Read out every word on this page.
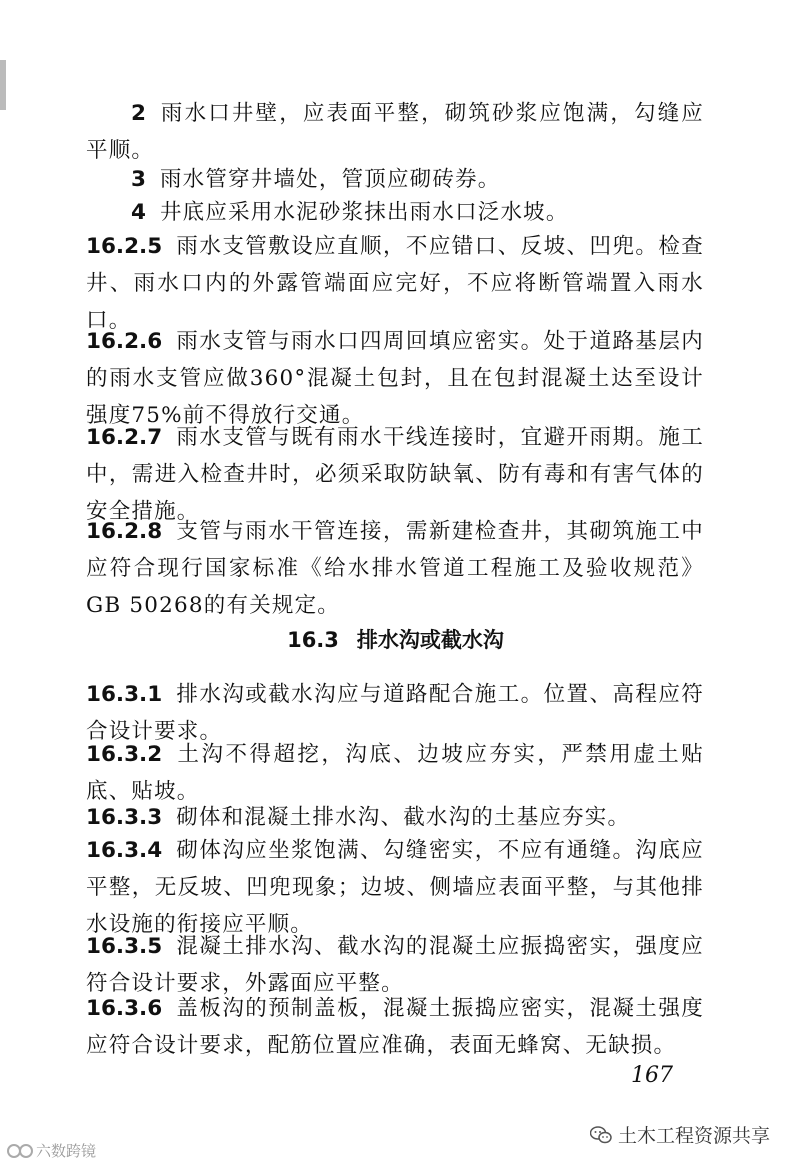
2 雨水口井壁，应表面平整，砌筑砂浆应饱满，勾缝应平顺。
3 雨水管穿井墙处，管顶应砌砖券。
4 井底应采用水泥砂浆抹出雨水口泛水坡。
16.2.5 雨水支管敷设应直顺，不应错口、反坡、凹兜。检查井、雨水口内的外露管端面应完好，不应将断管端置入雨水口。
16.2.6 雨水支管与雨水口四周回填应密实。处于道路基层内的雨水支管应做360°混凝土包封，且在包封混凝土达至设计强度75%前不得放行交通。
16.2.7 雨水支管与既有雨水干线连接时，宜避开雨期。施工中，需进入检查井时，必须采取防缺氧、防有毒和有害气体的安全措施。
16.2.8 支管与雨水干管连接，需新建检查井，其砌筑施工中应符合现行国家标准《给水排水管道工程施工及验收规范》GB 50268的有关规定。
16.3 排水沟或截水沟
16.3.1 排水沟或截水沟应与道路配合施工。位置、高程应符合设计要求。
16.3.2 土沟不得超挖，沟底、边坡应夯实，严禁用虚土贴底、贴坡。
16.3.3 砌体和混凝土排水沟、截水沟的土基应夯实。
16.3.4 砌体沟应坐浆饱满、勾缝密实，不应有通缝。沟底应平整，无反坡、凹兜现象；边坡、侧墙应表面平整，与其他排水设施的衔接应平顺。
16.3.5 混凝土排水沟、截水沟的混凝土应振捣密实，强度应符合设计要求，外露面应平整。
16.3.6 盖板沟的预制盖板，混凝土振捣应密实，混凝土强度应符合设计要求，配筋位置应准确，表面无蜂窝、无缺损。
167
六数跨镜
土木工程资源共享
